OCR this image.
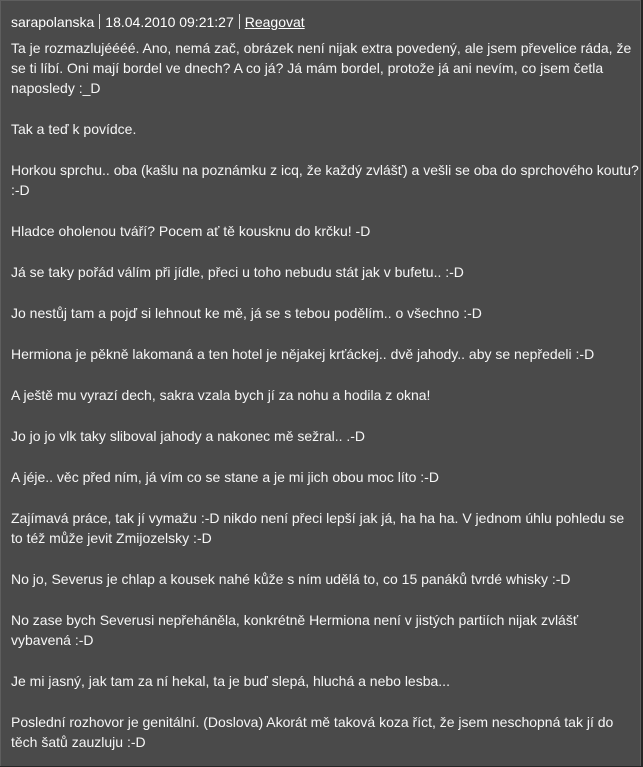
sarapolanska 18.04.2010 09:21:27 Reagovat

Ta je rozmazlujéééé. Ano, nemá zač, obrázek není nijak extra povedený, ale jsem převelice ráda, že se ti líbí. Oni mají bordel ve dnech? A co já? Já mám bordel, protože já ani nevím, co jsem četla naposledy :_D

Tak a teď k povídce.

Horkou sprchu.. oba (kašlu na poznámku z icq, že každý zvlášť) a vešli se oba do sprchového koutu? :-D

Hladce oholenou tváří? Pocem ať tě kousknu do krčku! -D

Já se taky pořád válím při jídle, přeci u toho nebudu stát jak v bufetu.. :-D

Jo nestůj tam a pojď si lehnout ke mě, já se s tebou podělím.. o všechno :-D

Hermiona je pěkně lakomaná a ten hotel je nějakej krťáckej.. dvě jahody.. aby se nepředeli :-D

A ještě mu vyrazí dech, sakra vzala bych jí za nohu a hodila z okna!

Jo jo jo vlk taky sliboval jahody a nakonec mě sežral.. .-D

A jéje.. věc před ním, já vím co se stane a je mi jich obou moc líto :-D

Zajímavá práce, tak jí vymažu :-D nikdo není přeci lepší jak já, ha ha ha. V jednom úhlu pohledu se to též může jevit Zmijozelsky :-D

No jo, Severus je chlap a kousek nahé kůže s ním udělá to, co 15 panáků tvrdé whisky :-D

No zase bych Severusi nepřeháněla, konkrétně Hermiona není v jistých partiích nijak zvlášť vybavená :-D

Je mi jasný, jak tam za ní hekal, ta je buď slepá, hluchá a nebo lesba...

Poslední rozhovor je genitální. (Doslova) Akorát mě taková koza říct, že jsem neschopná tak jí do těch šatů zauzluju :-D
